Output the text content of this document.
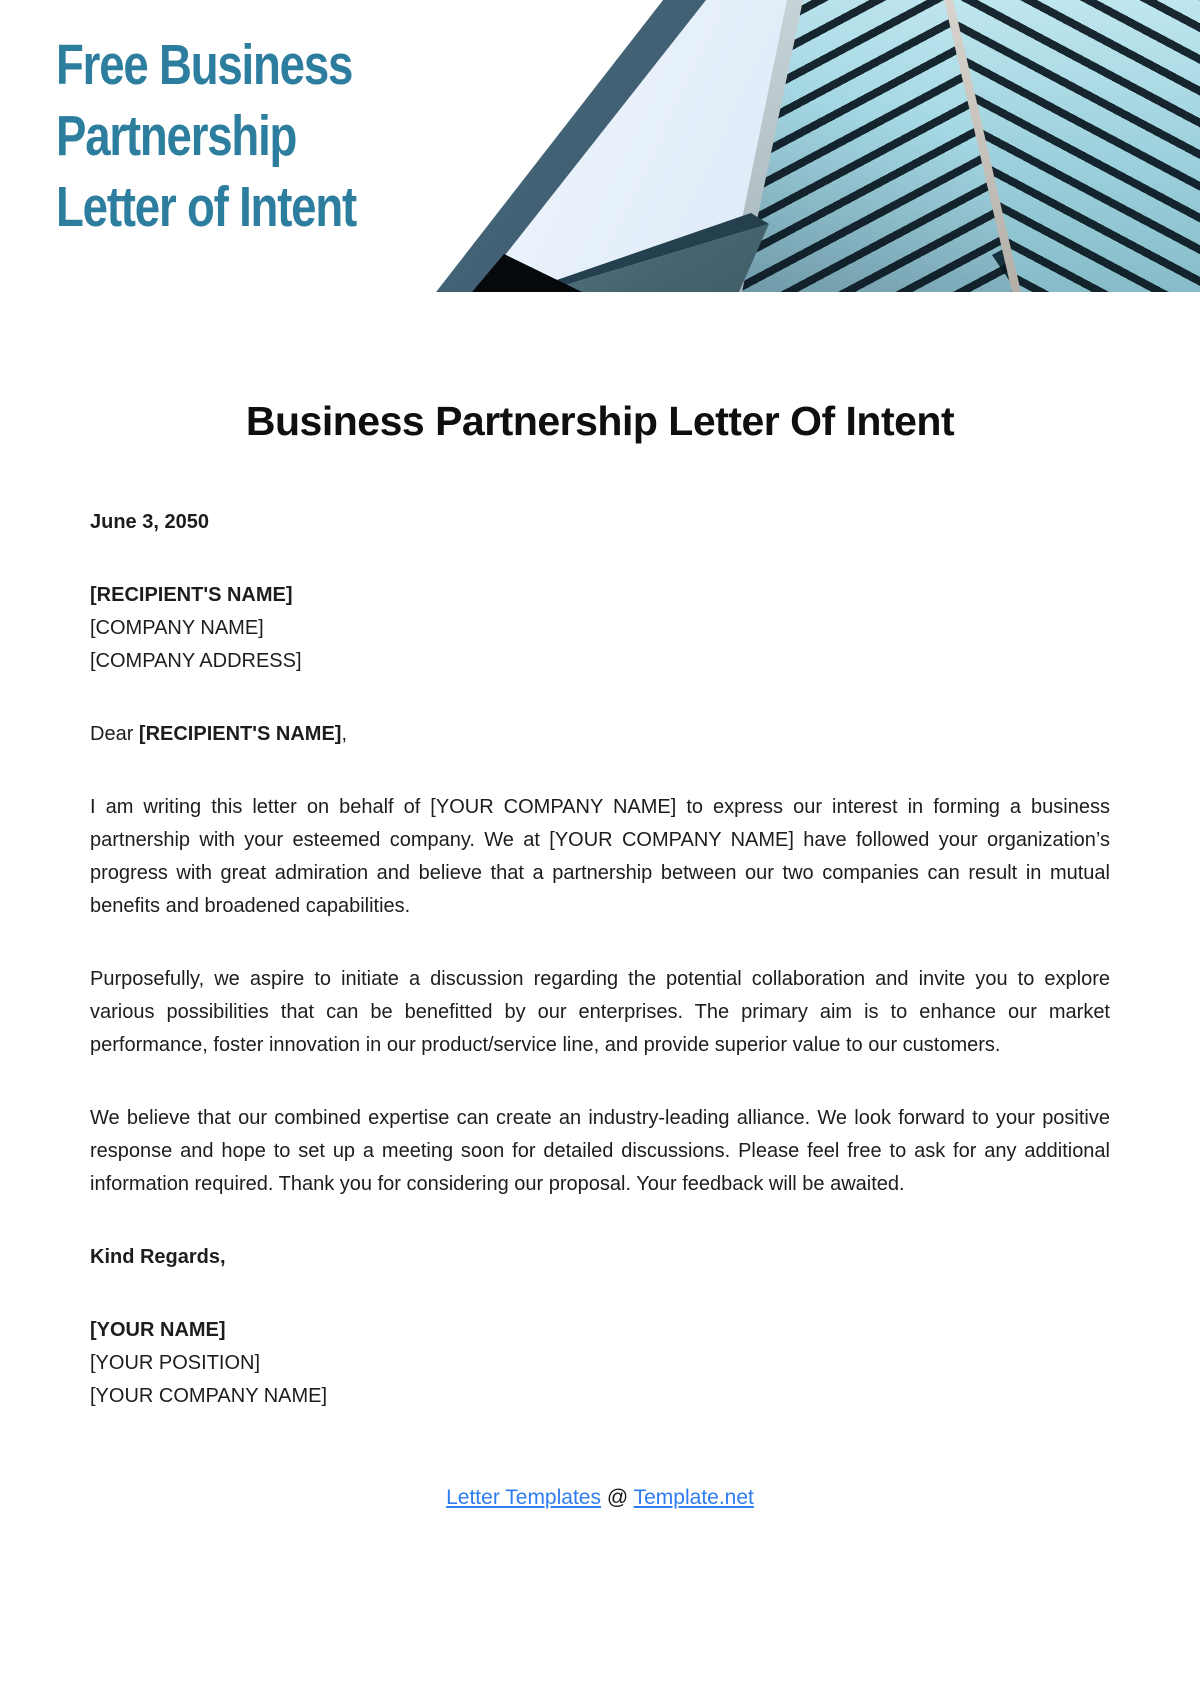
Free Business
Partnership
Letter of Intent
Business Partnership Letter Of Intent
June 3, 2050
[RECIPIENT'S NAME]
[COMPANY NAME]
[COMPANY ADDRESS]
Dear [RECIPIENT'S NAME],

I am writing this letter on behalf of [YOUR COMPANY NAME] to express our interest in forming a business partnership with your esteemed company. We at [YOUR COMPANY NAME] have followed your organization’s progress with great admiration and believe that a partnership between our two companies can result in mutual benefits and broadened capabilities.

Purposefully, we aspire to initiate a discussion regarding the potential collaboration and invite you to explore various possibilities that can be benefitted by our enterprises. The primary aim is to enhance our market performance, foster innovation in our product/service line, and provide superior value to our customers.

We believe that our combined expertise can create an industry-leading alliance. We look forward to your positive response and hope to set up a meeting soon for detailed discussions. Please feel free to ask for any additional information required. Thank you for considering our proposal. Your feedback will be awaited.

Kind Regards,
[YOUR NAME]
[YOUR POSITION]
[YOUR COMPANY NAME]
Letter Templates @ Template.net
